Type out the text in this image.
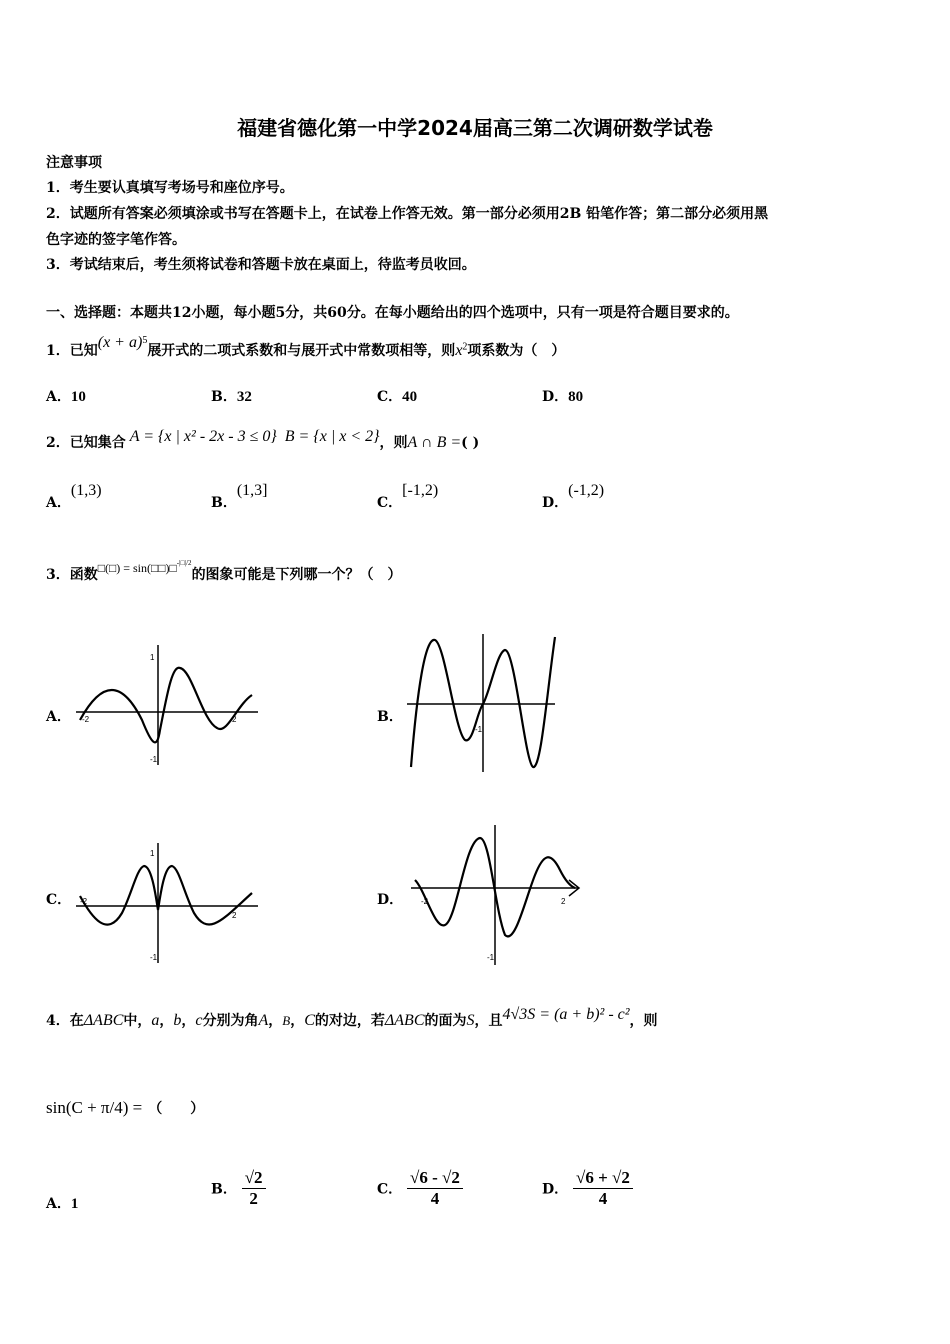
福建省德化第一中学2024届高三第二次调研数学试卷
注意事项
1．考生要认真填写考场号和座位序号。
2．试题所有答案必须填涂或书写在答题卡上，在试卷上作答无效。第一部分必须用2B 铅笔作答；第二部分必须用黑
色字迹的签字笔作答。
3．考试结束后，考生须将试卷和答题卡放在桌面上，待监考员收回。
一、选择题：本题共12小题，每小题5分，共60分。在每小题给出的四个选项中，只有一项是符合题目要求的。
1．已知$(x + a)^5$展开式的二项式系数和与展开式中常数项相等，则$x^2$项系数为（　）
A．10	B．32	C．40	D．80
2．已知集合 A = {x | x² - 2x - 3 ≤ 0} B = {x | x < 2}，则A ∩ B =( )
A．(1,3)
B．(1,3]
C．[-1,2)
D．(-1,2)
3．函数□(□) = sin(□□)□$^{-|□|/2}$的图象可能是下列哪一个？（　）
A．	B．
C．	D．
1
-1
-2	2
-1
1
-1
-2
2
-1
-2	2
4．在ΔABC中，a，b，c分别为角A，B，C的对边，若ΔABC的面为S，且4√3S = (a + b)² - c²，则
sin(C + π/4) = （　　）
A．1
B． $\frac{√2}{2}$	C． $\frac{√6 - √2}{4}$	D． $\frac{√6 + √2}{4}$
